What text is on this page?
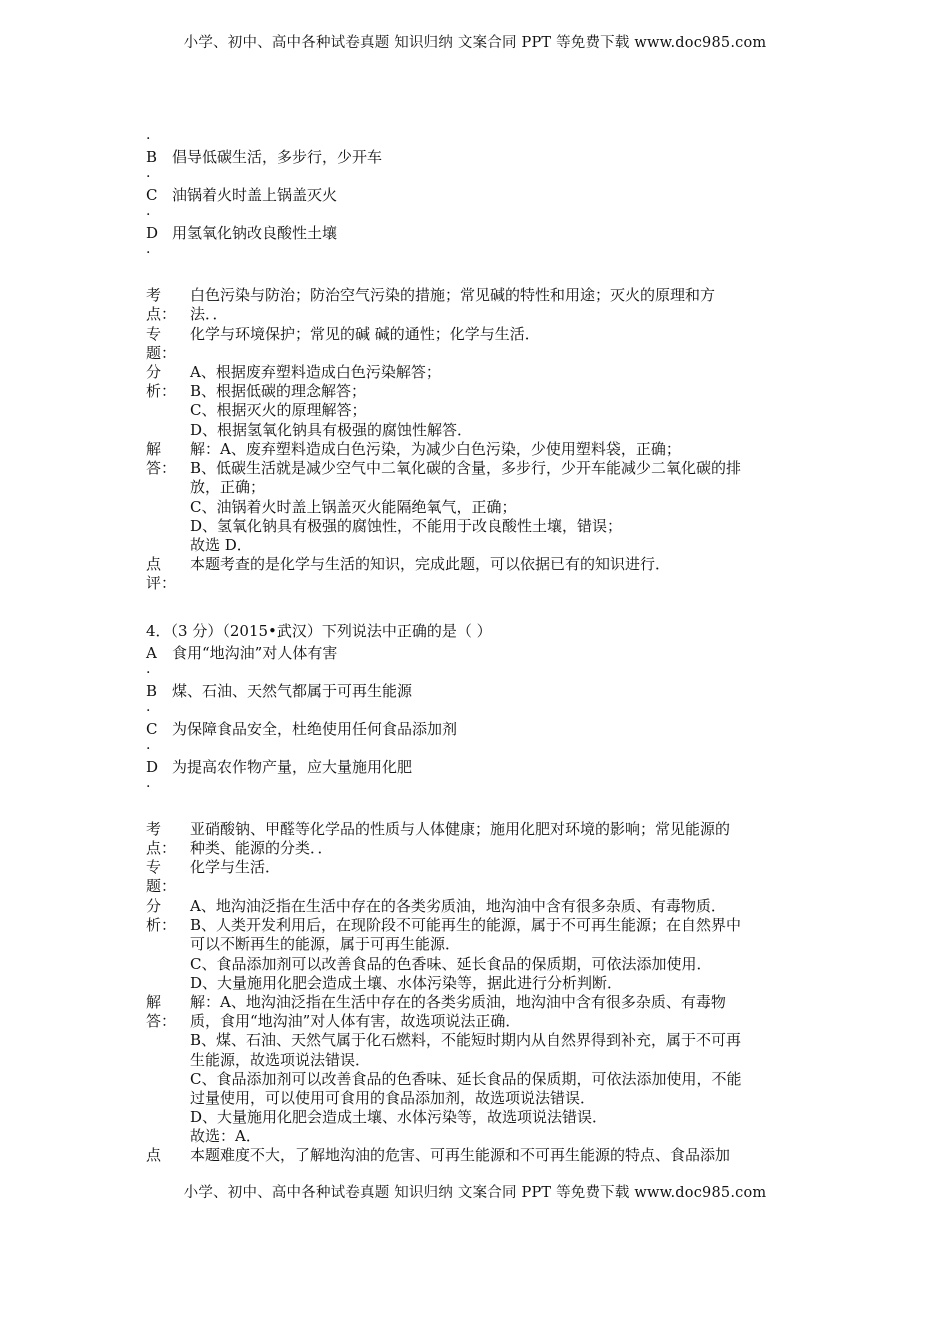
小学、初中、高中各种试卷真题 知识归纳 文案合同 PPT 等免费下载 www.doc985.com
.
B 倡导低碳生活，多步行，少开车
.
C 油锅着火时盖上锅盖灭火
.
D 用氢氧化钠改良酸性土壤
.
考
点：
白色污染与防治；防治空气污染的措施；常见碱的特性和用途；灭火的原理和方
法．．
专
题：
化学与环境保护；常见的碱 碱的通性；化学与生活．
分
析：
A、根据废弃塑料造成白色污染解答；
B、根据低碳的理念解答；
C、根据灭火的原理解答；
D、根据氢氧化钠具有极强的腐蚀性解答．
解
答：
解：A、废弃塑料造成白色污染，为减少白色污染，少使用塑料袋，正确；
B、低碳生活就是减少空气中二氧化碳的含量，多步行，少开车能减少二氧化碳的排
放，正确；
C、油锅着火时盖上锅盖灭火能隔绝氧气，正确；
D、氢氧化钠具有极强的腐蚀性，不能用于改良酸性土壤，错误；
故选 D．
点
评：
本题考查的是化学与生活的知识，完成此题，可以依据已有的知识进行．
4．（3 分）（2015•武汉）下列说法中正确的是（ ）
A 食用“地沟油”对人体有害
.
B 煤、石油、天然气都属于可再生能源
.
C 为保障食品安全，杜绝使用任何食品添加剂
.
D 为提高农作物产量，应大量施用化肥
.
考
点：
亚硝酸钠、甲醛等化学品的性质与人体健康；施用化肥对环境的影响；常见能源的
种类、能源的分类．．
专
题：
化学与生活．
分
析：
A、地沟油泛指在生活中存在的各类劣质油，地沟油中含有很多杂质、有毒物质．
B、人类开发利用后，在现阶段不可能再生的能源，属于不可再生能源；在自然界中
可以不断再生的能源，属于可再生能源．
C、食品添加剂可以改善食品的色香味、延长食品的保质期，可依法添加使用．
D、大量施用化肥会造成土壤、水体污染等，据此进行分析判断．
解
答：
解：A、地沟油泛指在生活中存在的各类劣质油，地沟油中含有很多杂质、有毒物
质，食用“地沟油”对人体有害，故选项说法正确．
B、煤、石油、天然气属于化石燃料，不能短时期内从自然界得到补充，属于不可再
生能源，故选项说法错误．
C、食品添加剂可以改善食品的色香味、延长食品的保质期，可依法添加使用，不能
过量使用，可以使用可食用的食品添加剂，故选项说法错误．
D、大量施用化肥会造成土壤、水体污染等，故选项说法错误．
故选：A．
点	本题难度不大，了解地沟油的危害、可再生能源和不可再生能源的特点、食品添加
小学、初中、高中各种试卷真题 知识归纳 文案合同 PPT 等免费下载 www.doc985.com
